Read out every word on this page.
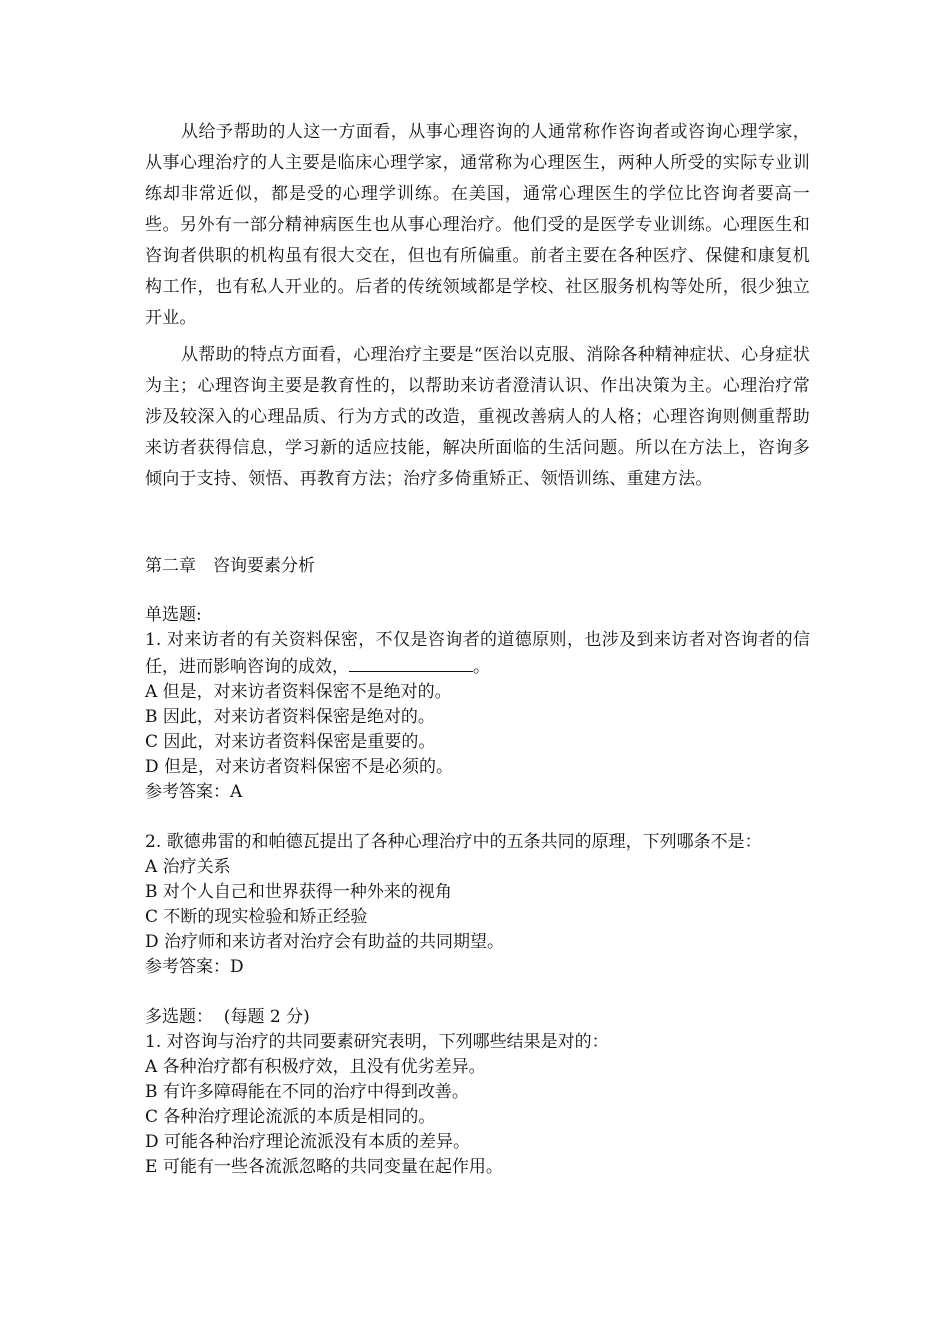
从给予帮助的人这一方面看，从事心理咨询的人通常称作咨询者或咨询心理学家，从事心理治疗的人主要是临床心理学家，通常称为心理医生，两种人所受的实际专业训练却非常近似，都是受的心理学训练。在美国，通常心理医生的学位比咨询者要高一些。另外有一部分精神病医生也从事心理治疗。他们受的是医学专业训练。心理医生和咨询者供职的机构虽有很大交在，但也有所偏重。前者主要在各种医疗、保健和康复机构工作，也有私人开业的。后者的传统领域都是学校、社区服务机构等处所，很少独立开业。

从帮助的特点方面看，心理治疗主要是“医治以克服、消除各种精神症状、心身症状为主；心理咨询主要是教育性的，以帮助来访者澄清认识、作出决策为主。心理治疗常涉及较深入的心理品质、行为方式的改造，重视改善病人的人格；心理咨询则侧重帮助来访者获得信息，学习新的适应技能，解决所面临的生活问题。所以在方法上，咨询多倾向于支持、领悟、再教育方法；治疗多倚重矫正、领悟训练、重建方法。

第二章　咨询要素分析
单选题:
1. 对来访者的有关资料保密，不仅是咨询者的道德原则，也涉及到来访者对咨询者的信任，进而影响咨询的成效，	。
A 但是，对来访者资料保密不是绝对的。
B 因此，对来访者资料保密是绝对的。
C 因此，对来访者资料保密是重要的。
D 但是，对来访者资料保密不是必须的。
参考答案：A
2. 歌德弗雷的和帕德瓦提出了各种心理治疗中的五条共同的原理，下列哪条不是：
A 治疗关系
B 对个人自己和世界获得一种外来的视角
C 不断的现实检验和矫正经验
D 治疗师和来访者对治疗会有助益的共同期望。
参考答案：D
多选题：  (每题 2 分)
1. 对咨询与治疗的共同要素研究表明，下列哪些结果是对的：
A 各种治疗都有积极疗效，且没有优劣差异。
B 有许多障碍能在不同的治疗中得到改善。
C 各种治疗理论流派的本质是相同的。
D 可能各种治疗理论流派没有本质的差异。
E 可能有一些各流派忽略的共同变量在起作用。
